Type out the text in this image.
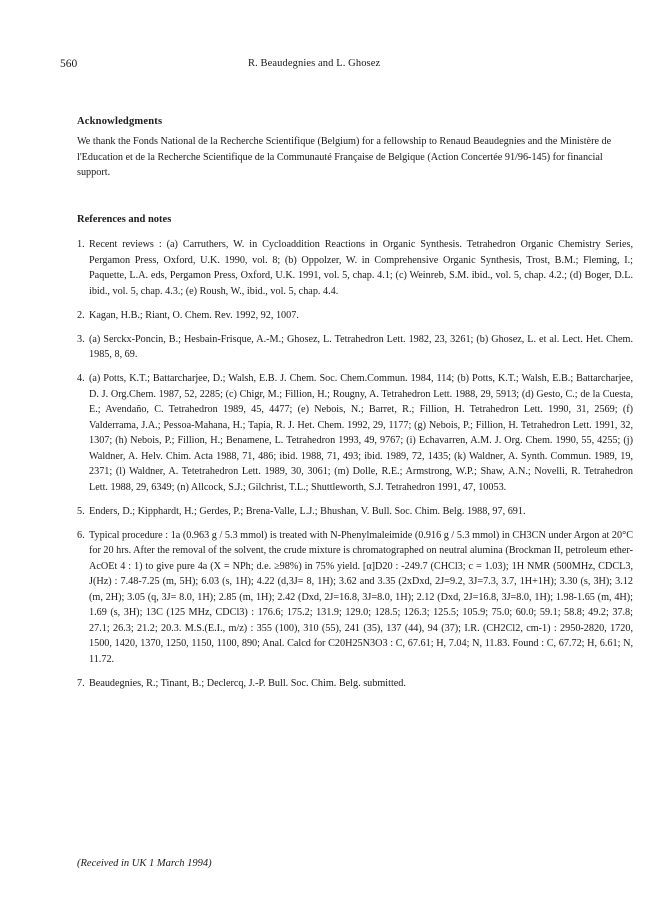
560	R. Beaudegnies and L. Ghosez
Acknowledgments
We thank the Fonds National de la Recherche Scientifique (Belgium) for a fellowship to Renaud Beaudegnies and the Ministère de l'Education et de la Recherche Scientifique de la Communauté Française de Belgique (Action Concertée 91/96-145) for financial support.
References and notes
1. Recent reviews : (a) Carruthers, W. in Cycloaddition Reactions in Organic Synthesis. Tetrahedron Organic Chemistry Series, Pergamon Press, Oxford, U.K. 1990, vol. 8; (b) Oppolzer, W. in Comprehensive Organic Synthesis, Trost, B.M.; Fleming, I.; Paquette, L.A. eds, Pergamon Press, Oxford, U.K. 1991, vol. 5, chap. 4.1; (c) Weinreb, S.M. ibid., vol. 5, chap. 4.2.; (d) Boger, D.L. ibid., vol. 5, chap. 4.3.; (e) Roush, W., ibid., vol. 5, chap. 4.4.
2. Kagan, H.B.; Riant, O. Chem. Rev. 1992, 92, 1007.
3. (a) Serckx-Poncin, B.; Hesbain-Frisque, A.-M.; Ghosez, L. Tetrahedron Lett. 1982, 23, 3261; (b) Ghosez, L. et al. Lect. Het. Chem. 1985, 8, 69.
4. (a) Potts, K.T.; Battarcharjee, D.; Walsh, E.B. J. Chem. Soc. Chem.Commun. 1984, 114; (b) Potts, K.T.; Walsh, E.B.; Battarcharjee, D. J. Org.Chem. 1987, 52, 2285; (c) Chigr, M.; Fillion, H.; Rougny, A. Tetrahedron Lett. 1988, 29, 5913; (d) Gesto, C.; de la Cuesta, E.; Avendaño, C. Tetrahedron 1989, 45, 4477; (e) Nebois, N.; Barret, R.; Fillion, H. Tetrahedron Lett. 1990, 31, 2569; (f) Valderrama, J.A.; Pessoa-Mahana, H.; Tapia, R. J. Het. Chem. 1992, 29, 1177; (g) Nebois, P.; Fillion, H. Tetrahedron Lett. 1991, 32, 1307; (h) Nebois, P.; Fillion, H.; Benamene, L. Tetrahedron 1993, 49, 9767; (i) Echavarren, A.M. J. Org. Chem. 1990, 55, 4255; (j) Waldner, A. Helv. Chim. Acta 1988, 71, 486; ibid. 1988, 71, 493; ibid. 1989, 72, 1435; (k) Waldner, A. Synth. Commun. 1989, 19, 2371; (l) Waldner, A. Tetetrahedron Lett. 1989, 30, 3061; (m) Dolle, R.E.; Armstrong, W.P.; Shaw, A.N.; Novelli, R. Tetrahedron Lett. 1988, 29, 6349; (n) Allcock, S.J.; Gilchrist, T.L.; Shuttleworth, S.J. Tetrahedron 1991, 47, 10053.
5. Enders, D.; Kipphardt, H.; Gerdes, P.; Brena-Valle, L.J.; Bhushan, V. Bull. Soc. Chim. Belg. 1988, 97, 691.
6. Typical procedure : 1a (0.963 g / 5.3 mmol) is treated with N-Phenylmaleimide (0.916 g / 5.3 mmol) in CH3CN under Argon at 20°C for 20 hrs. After the removal of the solvent, the crude mixture is chromatographed on neutral alumina (Brockman II, petroleum ether-AcOEt 4 : 1) to give pure 4a (X = NPh; d.e. ≥98%) in 75% yield. [α]D20 : -249.7 (CHCl3; c = 1.03); 1H NMR (500MHz, CDCL3, J(Hz) : 7.48-7.25 (m, 5H); 6.03 (s, 1H); 4.22 (d,3J= 8, 1H); 3.62 and 3.35 (2xDxd, 2J=9.2, 3J=7.3, 3.7, 1H+1H); 3.30 (s, 3H); 3.12 (m, 2H); 3.05 (q, 3J= 8.0, 1H); 2.85 (m, 1H); 2.42 (Dxd, 2J=16.8, 3J=8.0, 1H); 2.12 (Dxd, 2J=16.8, 3J=8.0, 1H); 1.98-1.65 (m, 4H); 1.69 (s, 3H); 13C (125 MHz, CDCl3) : 176.6; 175.2; 131.9; 129.0; 128.5; 126.3; 125.5; 105.9; 75.0; 60.0; 59.1; 58.8; 49.2; 37.8; 27.1; 26.3; 21.2; 20.3. M.S.(E.I., m/z) : 355 (100), 310 (55), 241 (35), 137 (44), 94 (37); I.R. (CH2Cl2, cm-1) : 2950-2820, 1720, 1500, 1420, 1370, 1250, 1150, 1100, 890; Anal. Calcd for C20H25N3O3 : C, 67.61; H, 7.04; N, 11.83. Found : C, 67.72; H, 6.61; N, 11.72.
7. Beaudegnies, R.; Tinant, B.; Declercq, J.-P. Bull. Soc. Chim. Belg. submitted.
(Received in UK 1 March 1994)
